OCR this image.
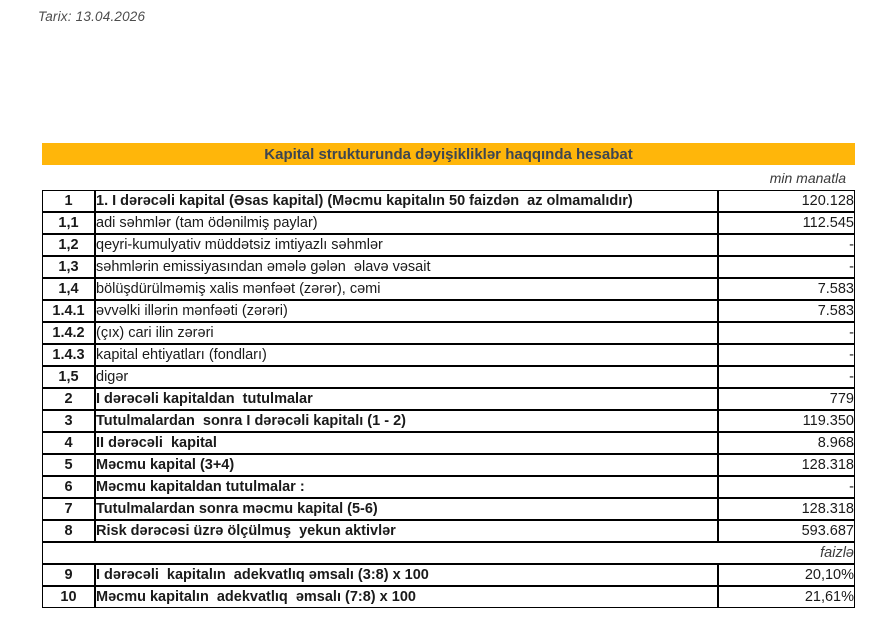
Tarix: 13.04.2026
Kapital strukturunda dəyişikliklər haqqında hesabat
min manatla
1	1. I dərəcəli kapital (Əsas kapital) (Məcmu kapitalın 50 faizdən  az olmamalıdır)	120.128
1,1	adi səhmlər (tam ödənilmiş paylar)	112.545
1,2	qeyri-kumulyativ müddətsiz imtiyazlı səhmlər	-
1,3	səhmlərin emissiyasından əmələ gələn  əlavə vəsait	-
1,4	bölüşdürülməmiş xalis mənfəət (zərər), cəmi	7.583
1.4.1	əvvəlki illərin mənfəəti (zərəri)	7.583
1.4.2	(çıx) cari ilin zərəri	-
1.4.3	kapital ehtiyatları (fondları)	-
1,5	digər	-
2	I dərəcəli kapitaldan  tutulmalar	779
3	Tutulmalardan  sonra I dərəcəli kapitalı (1 - 2)	119.350
4	II dərəcəli  kapital	8.968
5	Məcmu kapital (3+4)	128.318
6	Məcmu kapitaldan tutulmalar :	-
7	Tutulmalardan sonra məcmu kapital (5-6)	128.318
8	Risk dərəcəsi üzrə ölçülmuş  yekun aktivlər	593.687
faizlə		
9	I dərəcəli  kapitalın  adekvatlıq əmsalı (3:8) x 100	20,10%
10	Məcmu kapitalın  adekvatlıq  əmsalı (7:8) x 100	21,61%
